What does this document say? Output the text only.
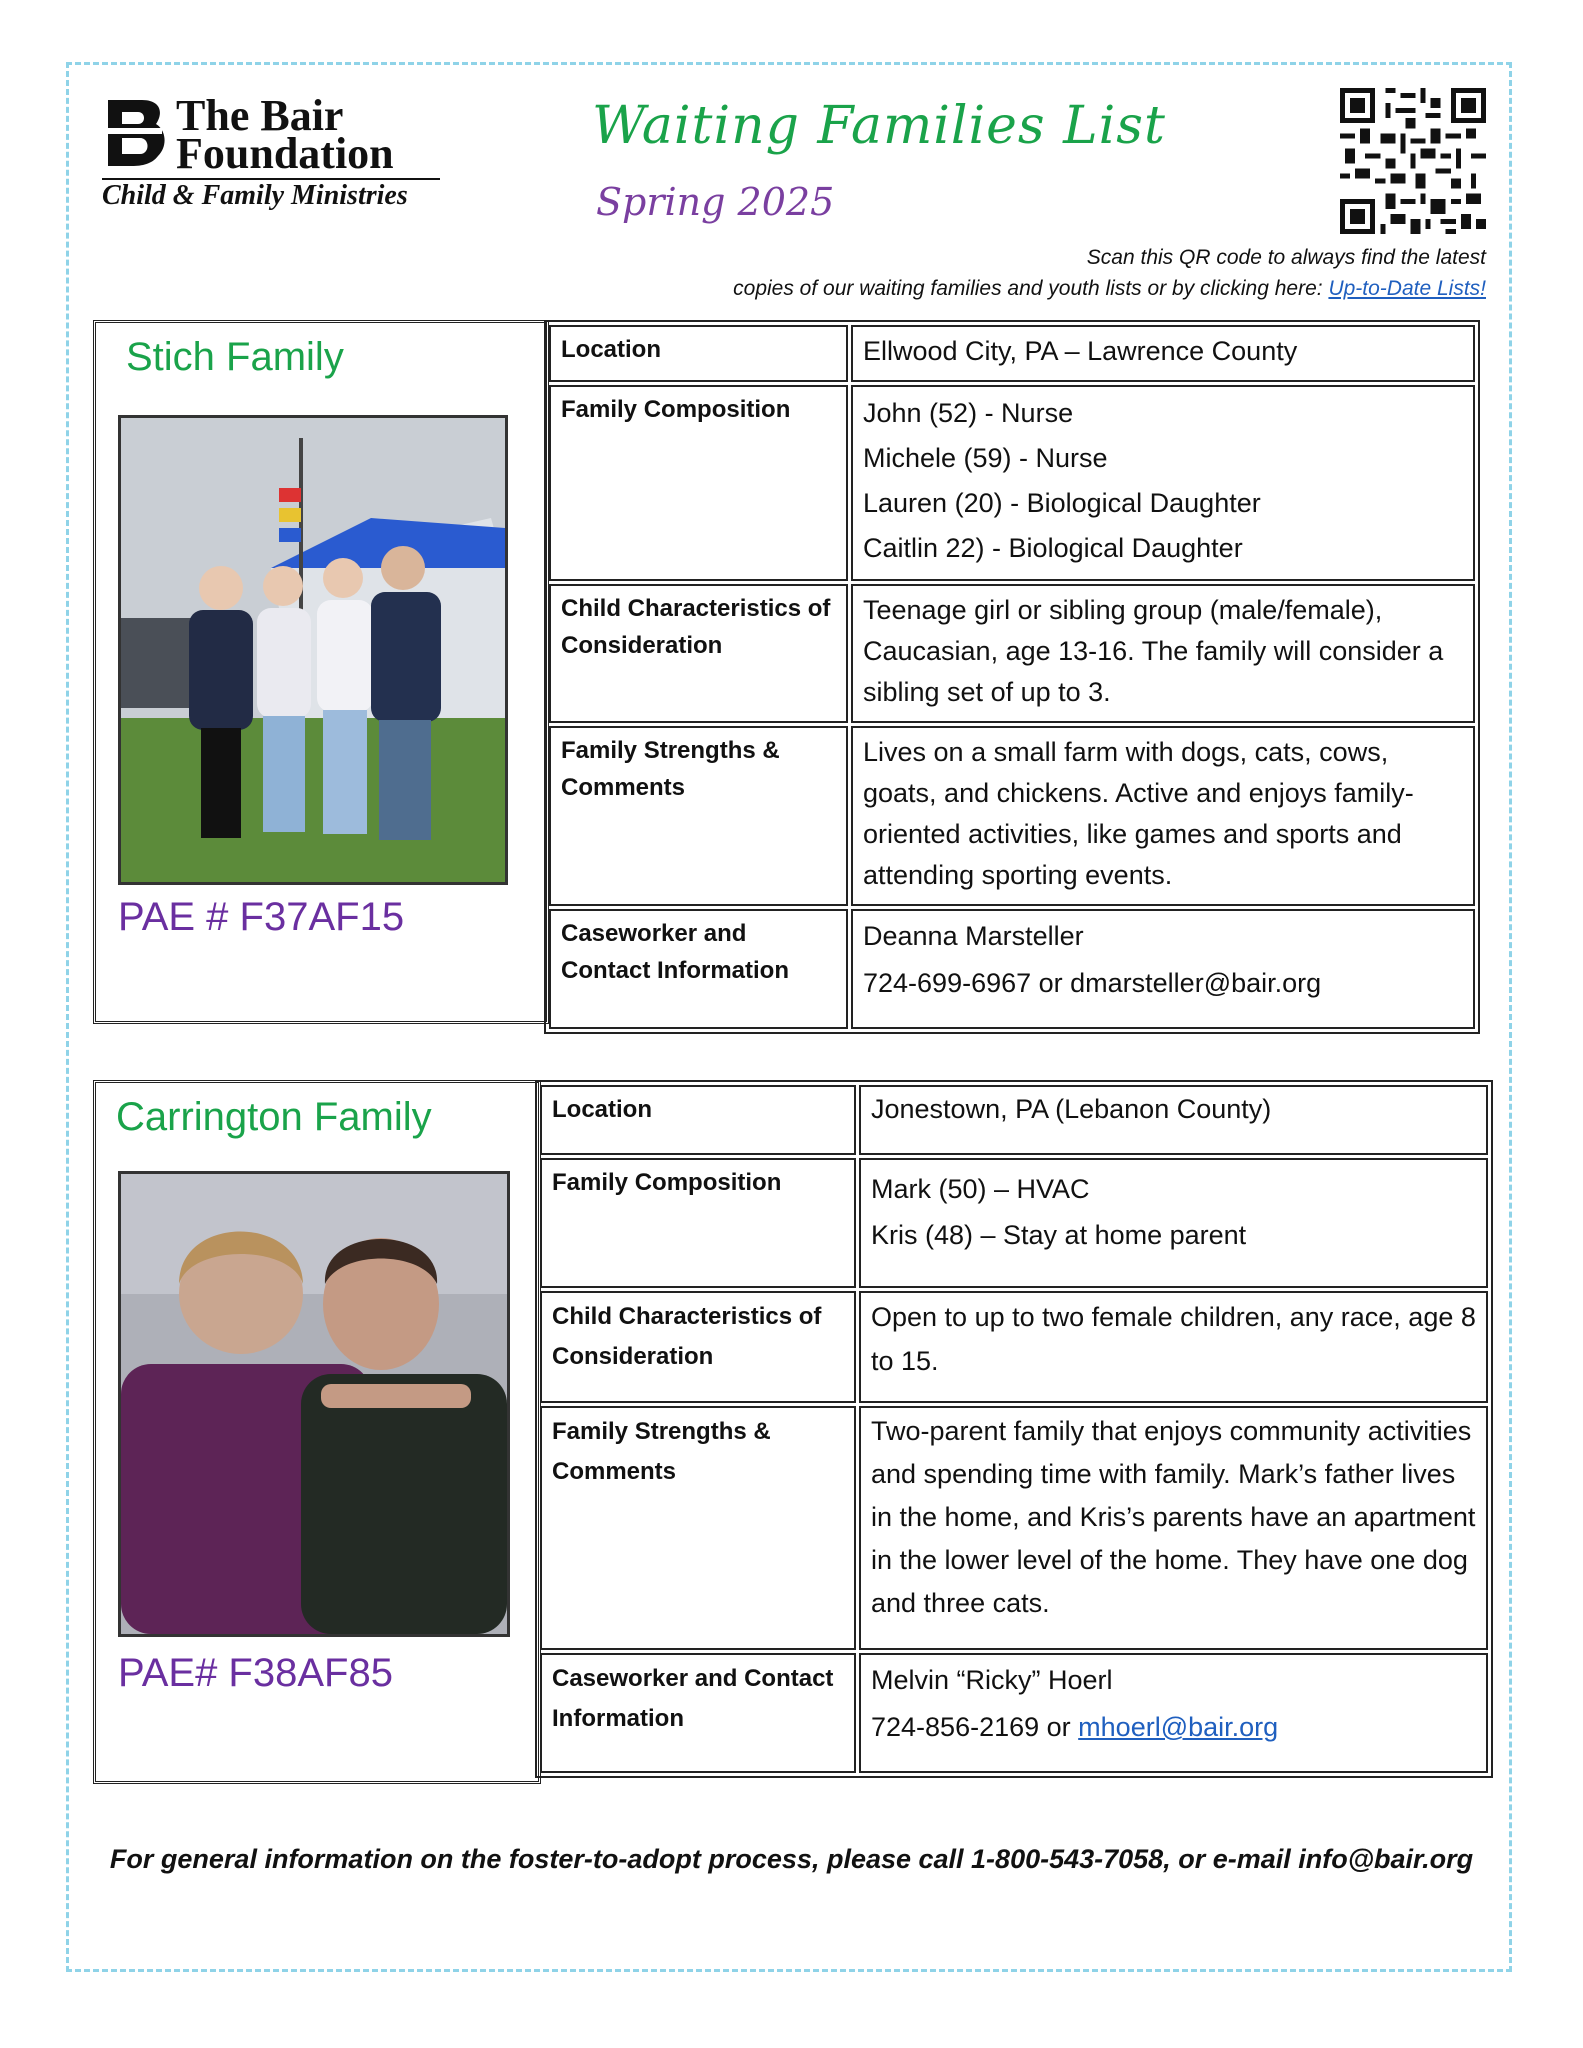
The Bair
Foundation
Child & Family Ministries
Waiting Families List
Spring 2025
Scan this QR code to always find the latest
copies of our waiting families and youth lists or by clicking here: Up-to-Date Lists!
Stich Family
PAE # F37AF15
Location	Ellwood City, PA – Lawrence County
Family Composition	John (52) - Nurse
Michele (59) - Nurse
Lauren (20) - Biological Daughter
Caitlin 22) - Biological Daughter

Child Characteristics of Consideration	Teenage girl or sibling group (male/female), Caucasian, age 13-16. The family will consider a sibling set of up to 3.
Family Strengths & Comments	Lives on a small farm with dogs, cats, cows, goats, and chickens. Active and enjoys family-oriented activities, like games and sports and attending sporting events.
Caseworker and Contact Information	Deanna Marsteller
724-699-6967 or dmarsteller@bair.org
Carrington Family
PAE# F38AF85
Location	Jonestown, PA (Lebanon County)
Family Composition	Mark (50) – HVAC
Kris (48) – Stay at home parent

Child Characteristics of Consideration	Open to up to two female children, any race, age 8 to 15.
Family Strengths & Comments	Two-parent family that enjoys community activities and spending time with family. Mark’s father lives in the home, and Kris’s parents have an apartment in the lower level of the home. They have one dog and three cats.
Caseworker and Contact Information	Melvin “Ricky” Hoerl
724-856-2169 or mhoerl@bair.org
For general information on the foster-to-adopt process, please call 1-800-543-7058, or e-mail info@bair.org
